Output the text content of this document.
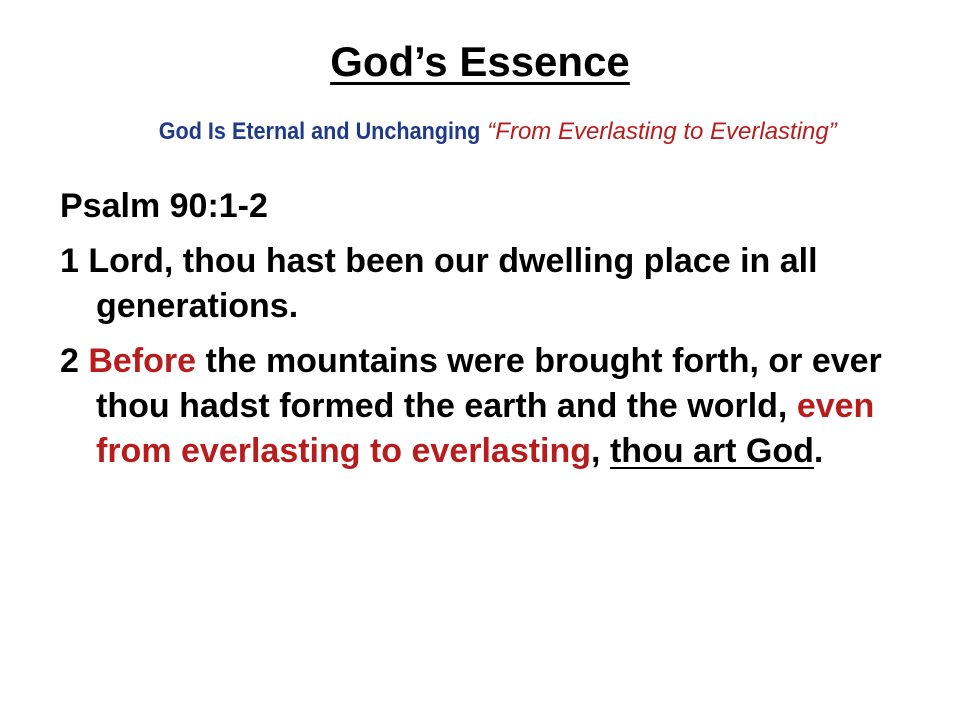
God’s Essence
God Is Eternal and Unchanging “From Everlasting to Everlasting”

Psalm 90:1-2

1 Lord, thou hast been our dwelling place in all generations.

2 Before the mountains were brought forth, or ever thou hadst formed the earth and the world, even from everlasting to everlasting, thou art God.
